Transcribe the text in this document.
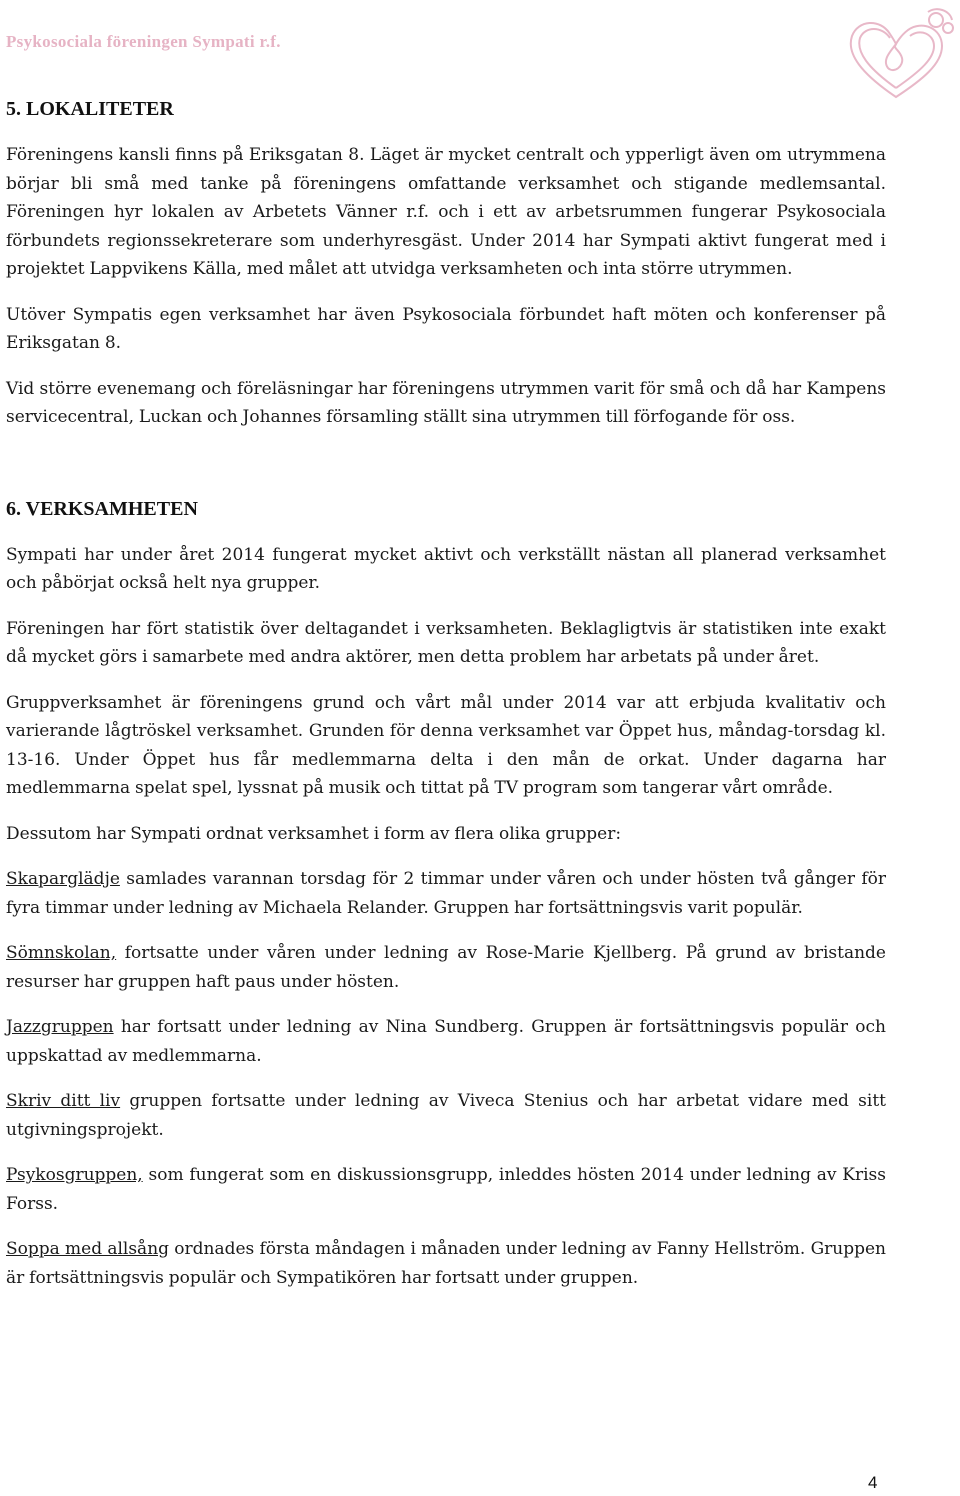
Psykosociala föreningen Sympati r.f.
5. LOKALITETER

Föreningens kansli finns på Eriksgatan 8. Läget är mycket centralt och ypperligt även om utrymmena börjar bli små med tanke på föreningens omfattande verksamhet och stigande medlemsantal. Föreningen hyr lokalen av Arbetets Vänner r.f. och i ett av arbetsrummen fungerar Psykosociala förbundets regionssekreterare som underhyresgäst. Under 2014 har Sympati aktivt fungerat med i projektet Lappvikens Källa, med målet att utvidga verksamheten och inta större utrymmen.

Utöver Sympatis egen verksamhet har även Psykosociala förbundet haft möten och konferenser på Eriksgatan 8.

Vid större evenemang och föreläsningar har föreningens utrymmen varit för små och då har Kampens servicecentral, Luckan och Johannes församling ställt sina utrymmen till förfogande för oss.

6. VERKSAMHETEN

Sympati har under året 2014 fungerat mycket aktivt och verkställt nästan all planerad verksamhet och påbörjat också helt nya grupper.

Föreningen har fört statistik över deltagandet i verksamheten. Beklagligtvis är statistiken inte exakt då mycket görs i samarbete med andra aktörer, men detta problem har arbetats på under året.

Gruppverksamhet är föreningens grund och vårt mål under 2014 var att erbjuda kvalitativ och varierande lågtröskel verksamhet. Grunden för denna verksamhet var Öppet hus, måndag-torsdag kl. 13-16. Under Öppet hus får medlemmarna delta i den mån de orkat. Under dagarna har medlemmarna spelat spel, lyssnat på musik och tittat på TV program som tangerar vårt område.

Dessutom har Sympati ordnat verksamhet i form av flera olika grupper:

Skaparglädje samlades varannan torsdag för 2 timmar under våren och under hösten två gånger för fyra timmar under ledning av Michaela Relander. Gruppen har fortsättningsvis varit populär.

Sömnskolan, fortsatte under våren under ledning av Rose-Marie Kjellberg. På grund av bristande resurser har gruppen haft paus under hösten.

Jazzgruppen har fortsatt under ledning av Nina Sundberg. Gruppen är fortsättningsvis populär och uppskattad av medlemmarna.

Skriv ditt liv gruppen fortsatte under ledning av Viveca Stenius och har arbetat vidare med sitt utgivningsprojekt.

Psykosgruppen, som fungerat som en diskussionsgrupp, inleddes hösten 2014 under ledning av Kriss Forss.

Soppa med allsång ordnades första måndagen i månaden under ledning av Fanny Hellström. Gruppen är fortsättningsvis populär och Sympatikören har fortsatt under gruppen.

4
